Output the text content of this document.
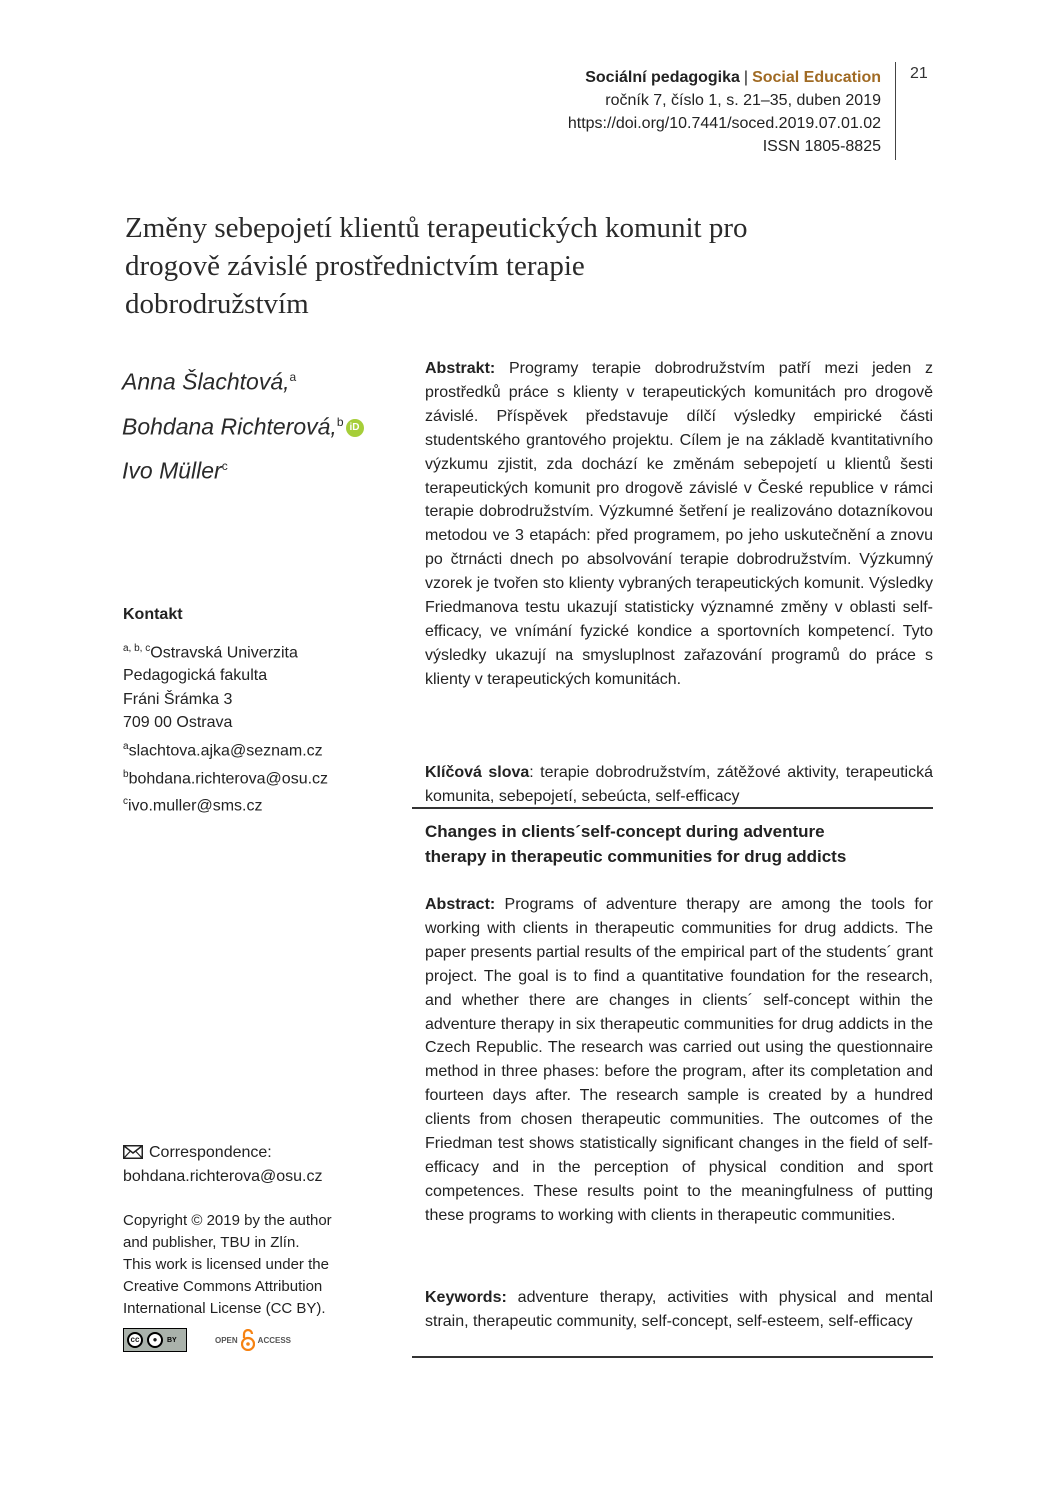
21
Sociální pedagogika | Social Education
ročník 7, číslo 1, s. 21–35, duben 2019
https://doi.org/10.7441/soced.2019.07.01.02
ISSN 1805-8825
Změny sebepojetí klientů terapeutických komunit pro
drogově závislé prostřednictvím terapie
dobrodružstvím
Anna Šlachtová,$^a$
Bohdana Richterová,$^b$ iD
Ivo Müller$^c$
Kontakt
$^{a, b, c}$Ostravská Univerzita
Pedagogická fakulta
Fráni Šrámka 3
709 00 Ostrava
$^a$slachtova.ajka@seznam.cz
$^b$bohdana.richterova@osu.cz
$^c$ivo.muller@sms.cz
Correspondence:
bohdana.richterova@osu.cz
Copyright © 2019 by the author
and publisher, TBU in Zlín.
This work is licensed under the
Creative Commons Attribution
International License (CC BY).
cc	●	BY	OPEN	ACCESS

Abstrakt: Programy terapie dobrodružstvím patří mezi jeden z prostředků práce s klienty v terapeutických komunitách pro drogově závislé. Příspěvek představuje dílčí výsledky empirické části studentského grantového projektu. Cílem je na základě kvantitativního výzkumu zjistit, zda dochází ke změnám sebepojetí u klientů šesti terapeutických komunit pro drogově závislé v České republice v rámci terapie dobrodružstvím. Výzkumné šetření je realizováno dotazníkovou metodou ve 3 etapách: před programem, po jeho uskutečnění a znovu po čtrnácti dnech po absolvování terapie dobrodružstvím. Výzkumný vzorek je tvořen sto klienty vybraných terapeutických komunit. Výsledky Friedmanova testu ukazují statisticky významné změny v oblasti self-efficacy, ve vnímání fyzické kondice a sportovních kompetencí. Tyto výsledky ukazují na smysluplnost zařazování programů do práce s klienty v terapeutických komunitách.

Klíčová slova: terapie dobrodružstvím, zátěžové aktivity, terapeutická komunita, sebepojetí, sebeúcta, self-efficacy

Changes in clients´self-concept during adventure
therapy in therapeutic communities for drug addicts

Abstract: Programs of adventure therapy are among the tools for working with clients in therapeutic communities for drug addicts. The paper presents partial results of the empirical part of the students´ grant project. The goal is to find a quantitative foundation for the research, and whether there are changes in clients´ self-concept within the adventure therapy in six therapeutic communities for drug addicts in the Czech Republic. The research was carried out using the questionnaire method in three phases: before the program, after its completation and fourteen days after. The research sample is created by a hundred clients from chosen therapeutic communities. The outcomes of the Friedman test shows statistically significant changes in the field of self-efficacy and in the perception of physical condition and sport competences. These results point to the meaningfulness of putting these programs to working with clients in therapeutic communities.

Keywords: adventure therapy, activities with physical and mental strain, therapeutic community, self-concept, self-esteem, self-efficacy
